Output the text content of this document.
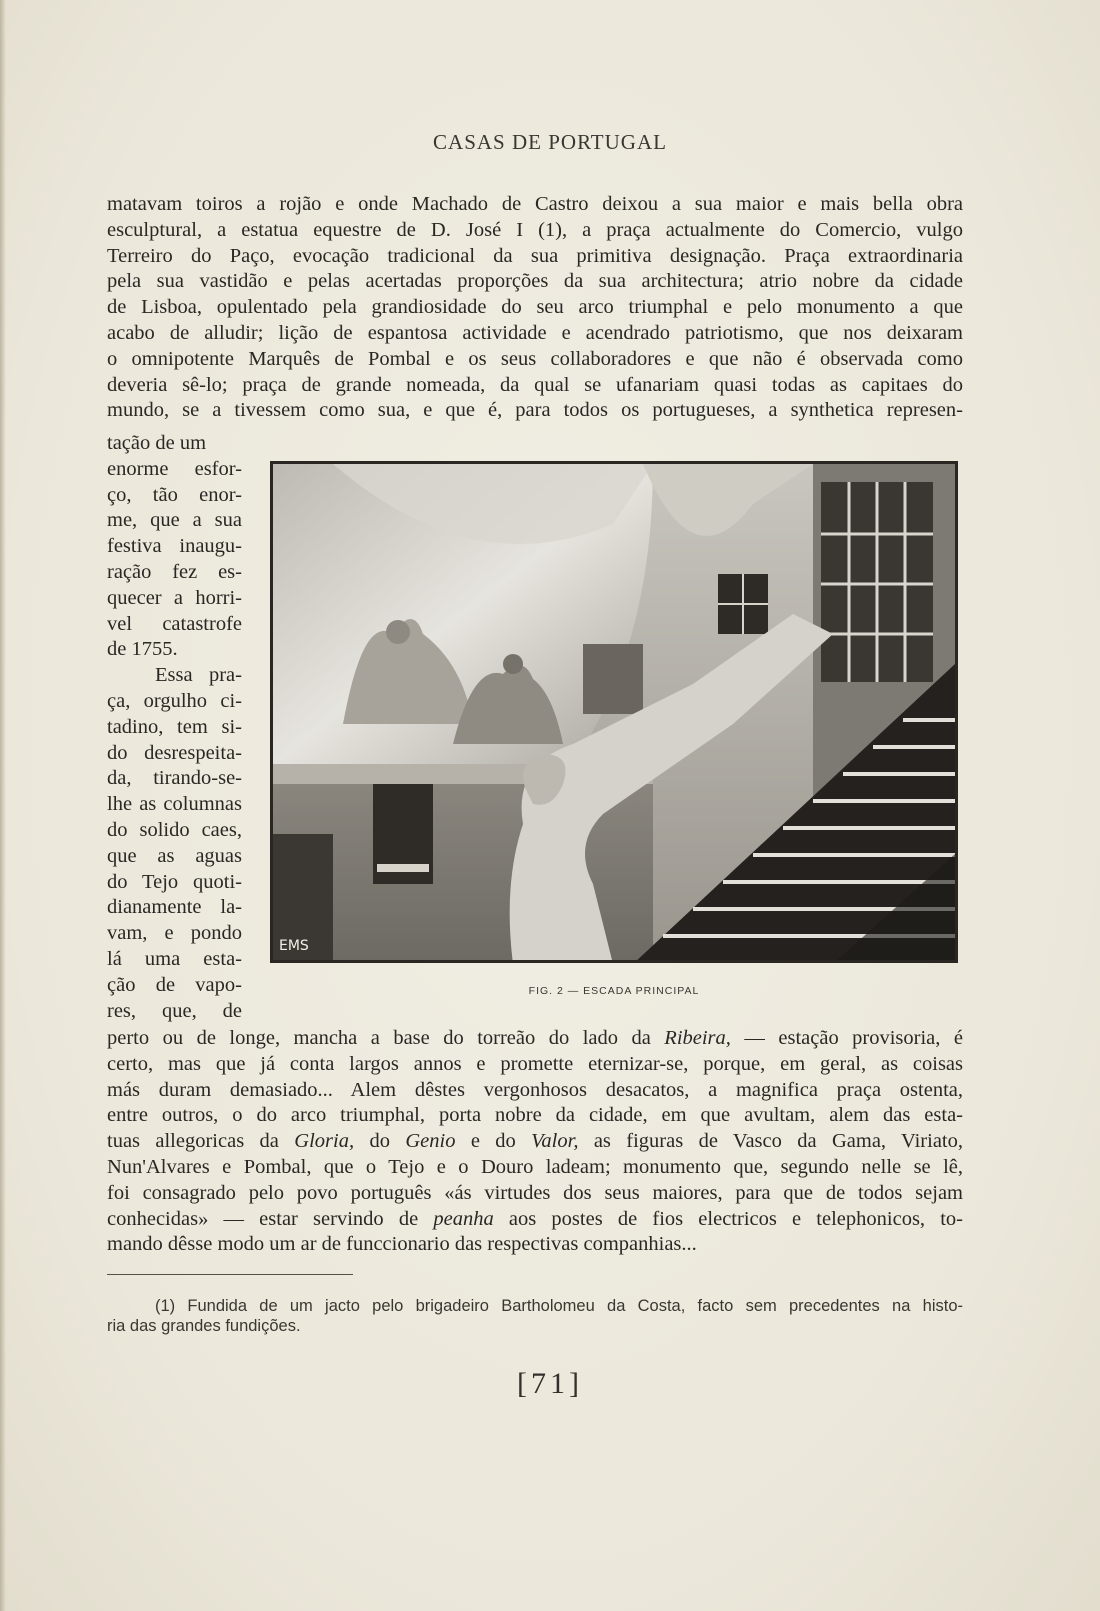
CASAS DE PORTUGAL
matavam toiros a rojão e onde Machado de Castro deixou a sua maior e mais bella obra
esculptural, a estatua equestre de D. José I (1), a praça actualmente do Comercio, vulgo
Terreiro do Paço, evocação tradicional da sua primitiva designação. Praça extraordinaria
pela sua vastidão e pelas acertadas proporções da sua architectura; atrio nobre da cidade
de Lisboa, opulentado pela grandiosidade do seu arco triumphal e pelo monumento a que
acabo de alludir; lição de espantosa actividade e acendrado patriotismo, que nos deixaram
o omnipotente Marquês de Pombal e os seus collaboradores e que não é observada como
deveria sê-lo; praça de grande nomeada, da qual se ufanariam quasi todas as capitaes do
mundo, se a tivessem como sua, e que é, para todos os portugueses, a synthetica represen-
tação de um
enorme esfor-
ço, tão enor-
me, que a sua
festiva inaugu-
ração fez es-
quecer a horri-
vel catastrofe
de 1755.
Essa pra-
ça, orgulho ci-
tadino, tem si-
do desrespeita-
da, tirando-se-
lhe as columnas
do solido caes,
que as aguas
do Tejo quoti-
dianamente la-
vam, e pondo
lá uma esta-
ção de vapo-
res, que, de
EMS
FIG. 2 — ESCADA PRINCIPAL
perto ou de longe, mancha a base do torreão do lado da Ribeira, — estação provisoria, é
certo, mas que já conta largos annos e promette eternizar-se, porque, em geral, as coisas
más duram demasiado... Alem dêstes vergonhosos desacatos, a magnifica praça ostenta,
entre outros, o do arco triumphal, porta nobre da cidade, em que avultam, alem das esta-
tuas allegoricas da Gloria, do Genio e do Valor, as figuras de Vasco da Gama, Viriato,
Nun'Alvares e Pombal, que o Tejo e o Douro ladeam; monumento que, segundo nelle se lê,
foi consagrado pelo povo português «ás virtudes dos seus maiores, para que de todos sejam
conhecidas» — estar servindo de peanha aos postes de fios electricos e telephonicos, to-
mando dêsse modo um ar de funccionario das respectivas companhias...
(1) Fundida de um jacto pelo brigadeiro Bartholomeu da Costa, facto sem precedentes na histo-
ria das grandes fundições.
[71]
